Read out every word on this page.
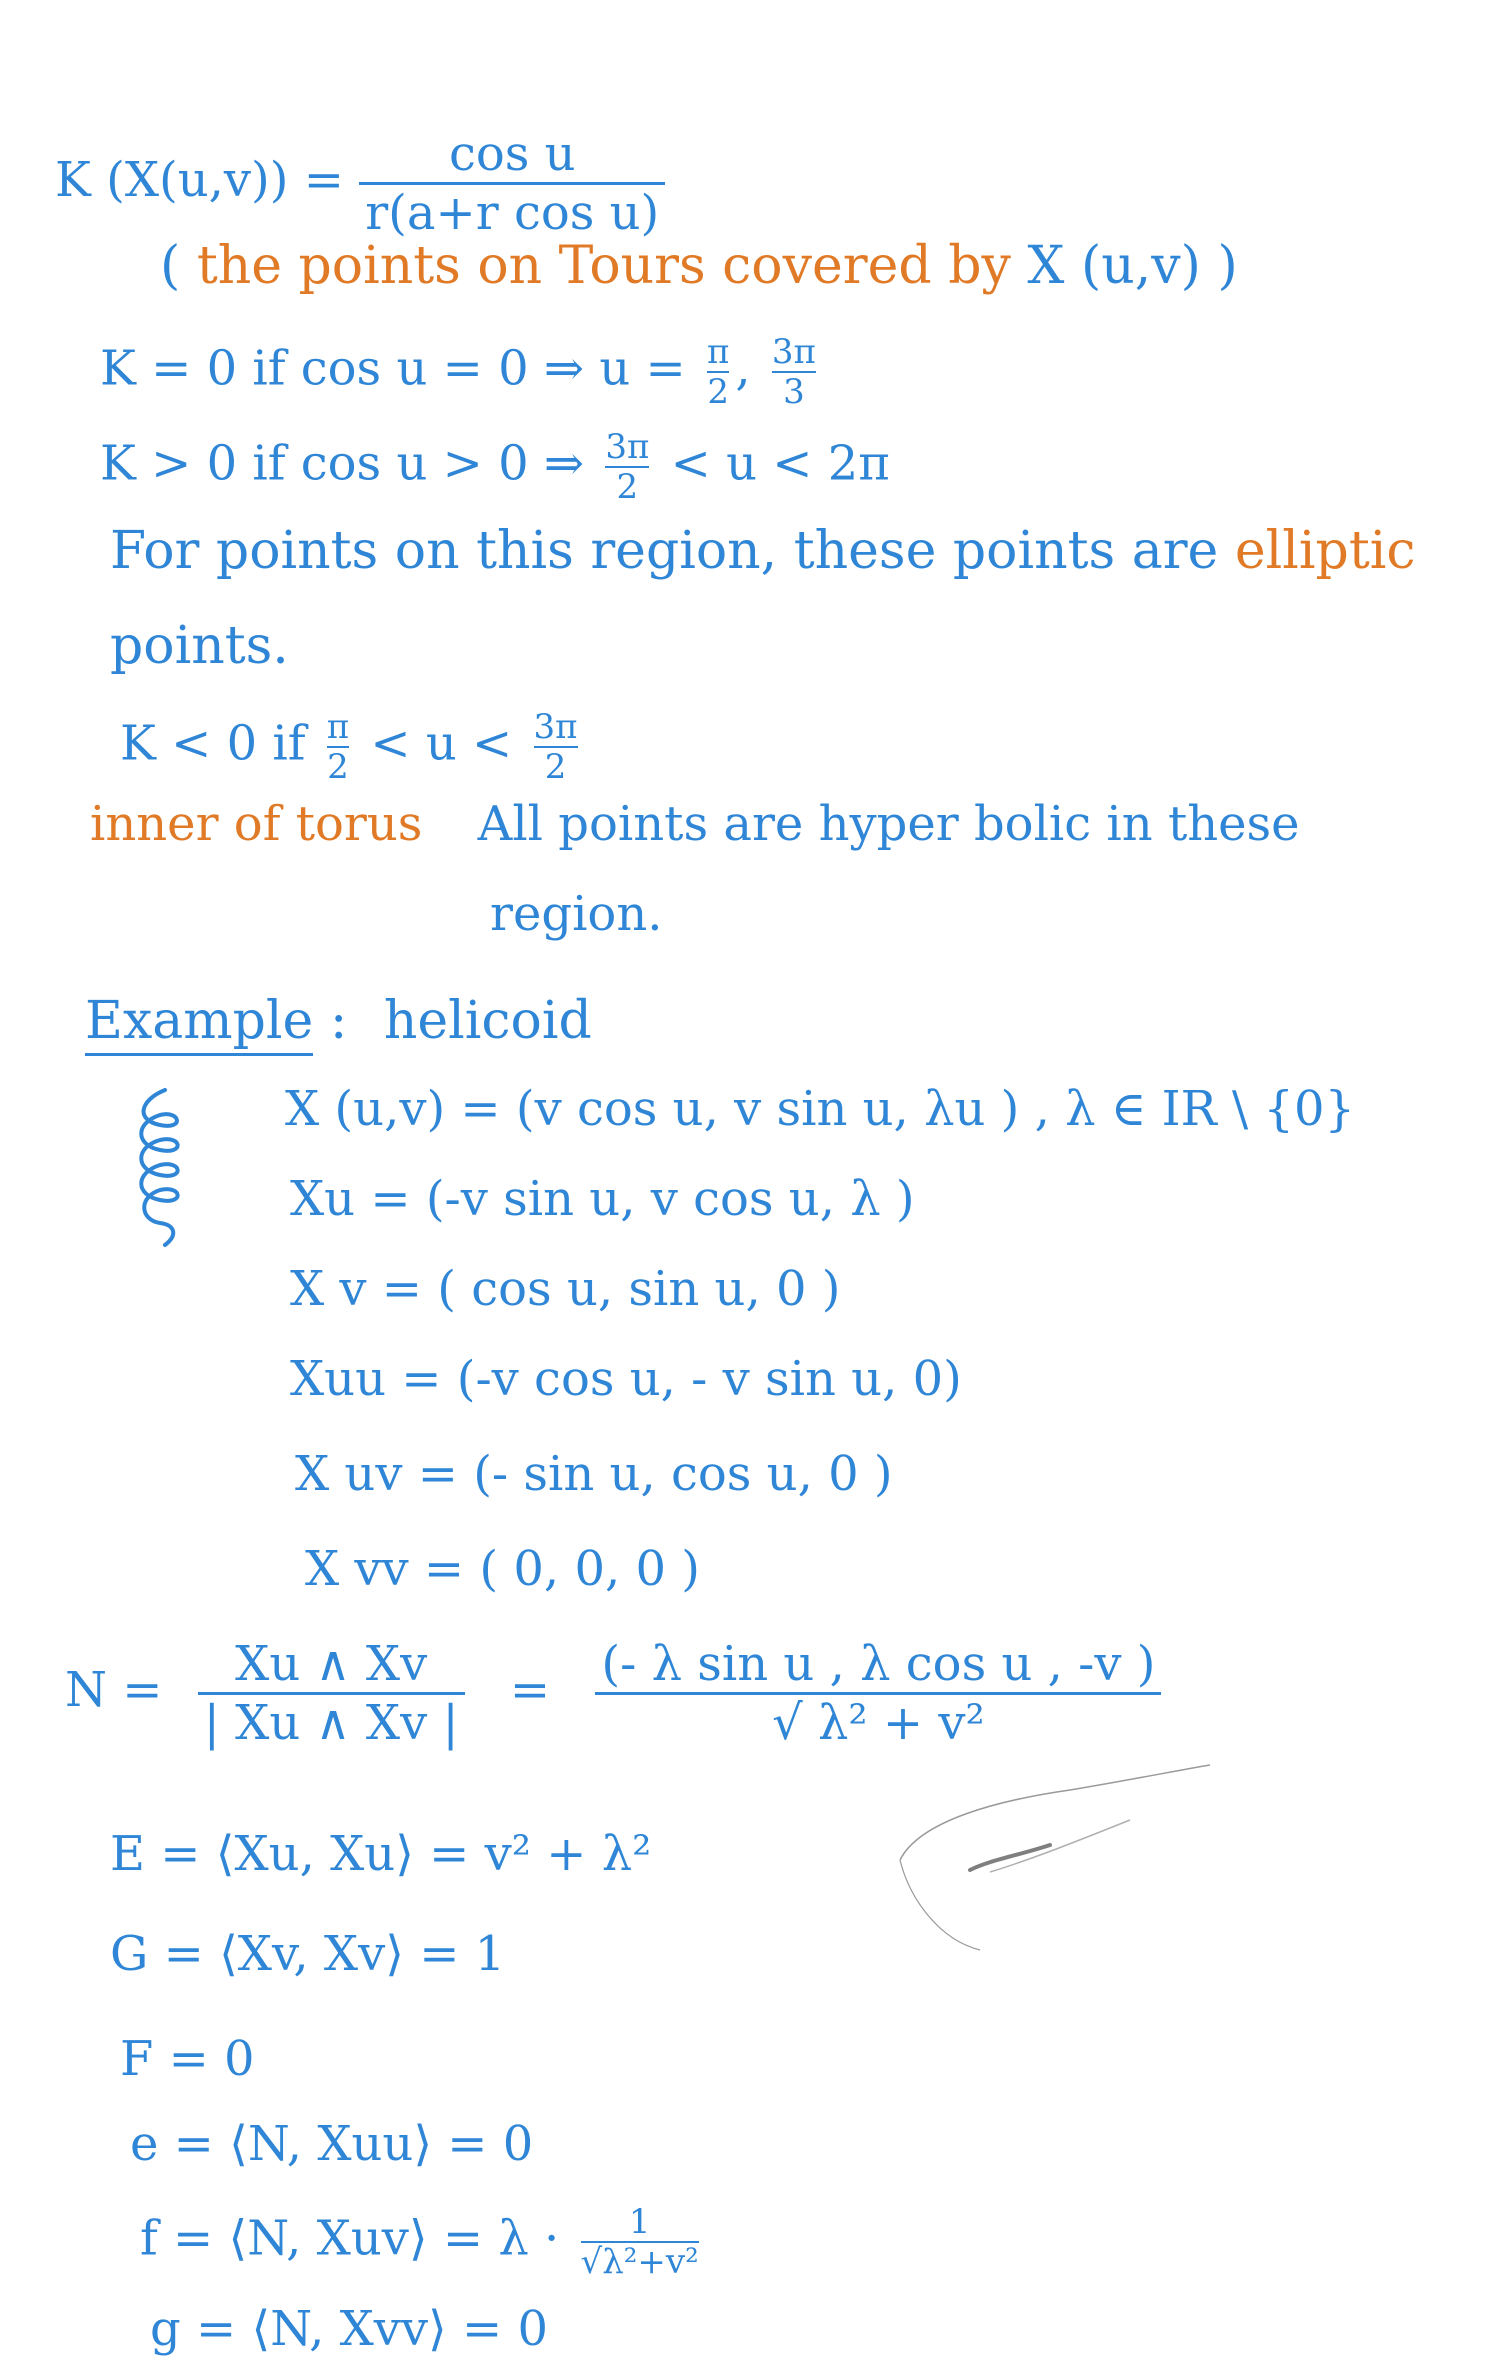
K $(X(u,v)) = \frac{\text{cos u}}{\text{r(a+r cos u)}}$
( the points on Tours covered by X (u,v) )
K = 0 if cos u = 0 ⇒ $u = \frac{\pi}{2}$ , $\frac{3\pi}{3}$
K > 0 if cos u > 0 ⇒ $\frac{3\pi}{2} < u < 2\pi$
For points on this region, these points are elliptic
points.
K < 0 if $\frac{\pi}{2} < u < \frac{3\pi}{2}$
inner of torus All points are hyper bolic in these
region.
Example : helicoid
X (u,v) = (v cos u, v sin u, λu ) , λ ∈ IR \ {0}
Xu = (-v sin u, v cos u, λ )
X v = ( cos u, sin u, 0 )
Xuu = (-v cos u, - v sin u, 0)
X uv = (- sin u, cos u, 0 )
X vv = ( 0, 0, 0 )
$N = \frac{Xu \wedge Xv}{| Xu \wedge Xv |} = \frac{\text{(- λ sin u , λ cos u , -v )}}{\text{√ λ² + v²}}$
E = ⟨Xu, Xu⟩ = v² + λ²
G = ⟨Xv, Xv⟩ = 1
F = 0
e = ⟨N, Xuu⟩ = 0
f = ⟨N, Xuv⟩ = $\lambda \cdot \frac{1}{\text{√λ²+v²}}$
g = ⟨N, Xvv⟩ = 0
